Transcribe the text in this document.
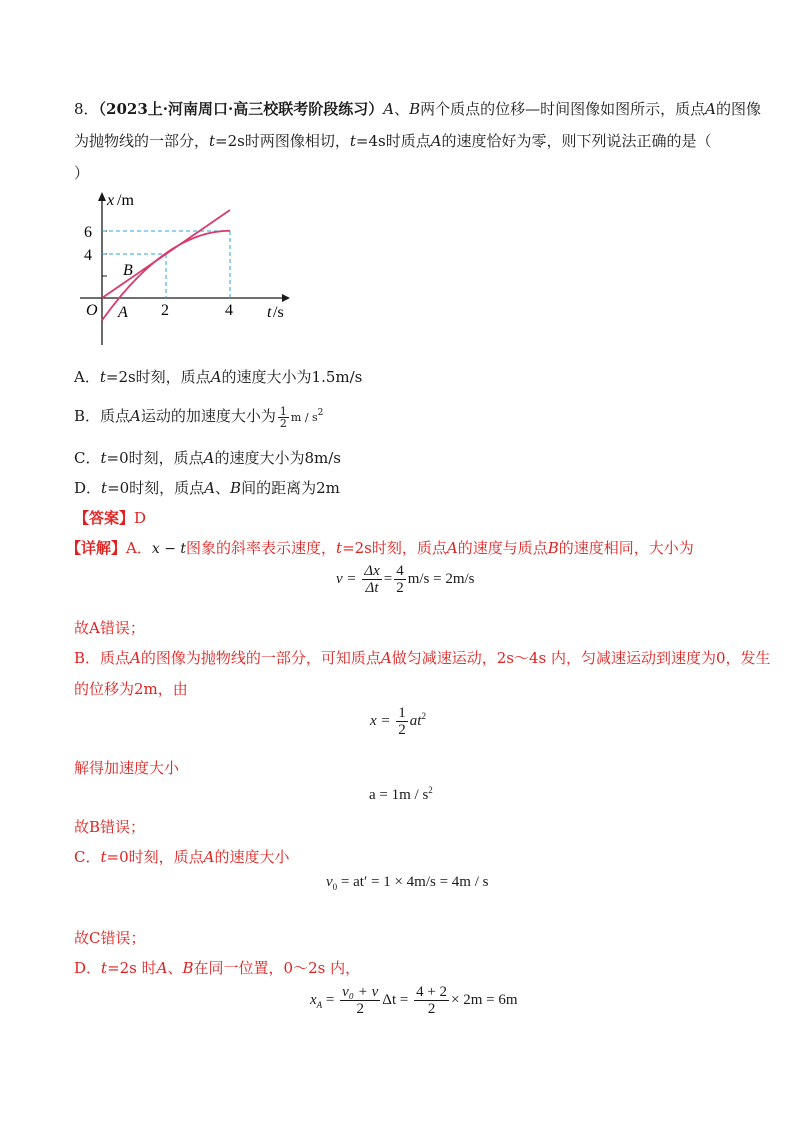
8．（2023上·河南周口·高三校联考阶段练习）A、B两个质点的位移—时间图像如图所示，质点A的图像
为抛物线的一部分，t=2s时两图像相切，t=4s时质点A的速度恰好为零，则下列说法正确的是（
）
x /m
6
4
O	2	4 t /s
B
A
A．t=2s时刻，质点A的速度大小为1.5m/s
B．质点A运动的加速度大小为 $\frac{1}{2}$ m / $s^2$
C．t=0时刻，质点A的速度大小为8m/s
D．t=0时刻，质点A、B间的距离为2m
【答案】D
【详解】A．x − t图象的斜率表示速度，t=2s时刻，质点A的速度与质点B的速度相同，大小为
$v = \frac{\Delta x}{\Delta t} = \frac{4}{2} m/s = 2m/s$
故A错误；
B．质点A的图像为抛物线的一部分，可知质点A做匀减速运动，2s～4s 内，匀减速运动到速度为0，发生
的位移为2m，由
$x = \frac{1}{2} at^2$
解得加速度大小
$a = 1m / s^2$
故B错误；
C．t=0时刻，质点A的速度大小
$v_0 = at' = 1 \times 4m/s = 4m / s$
故C错误；
D．t=2s 时A、B在同一位置，0～2s 内，
$x_A = \frac{\text{v₀ + v}}{2}$ $\Delta t = \frac{4 + 2}{2} \times 2m = 6m$
